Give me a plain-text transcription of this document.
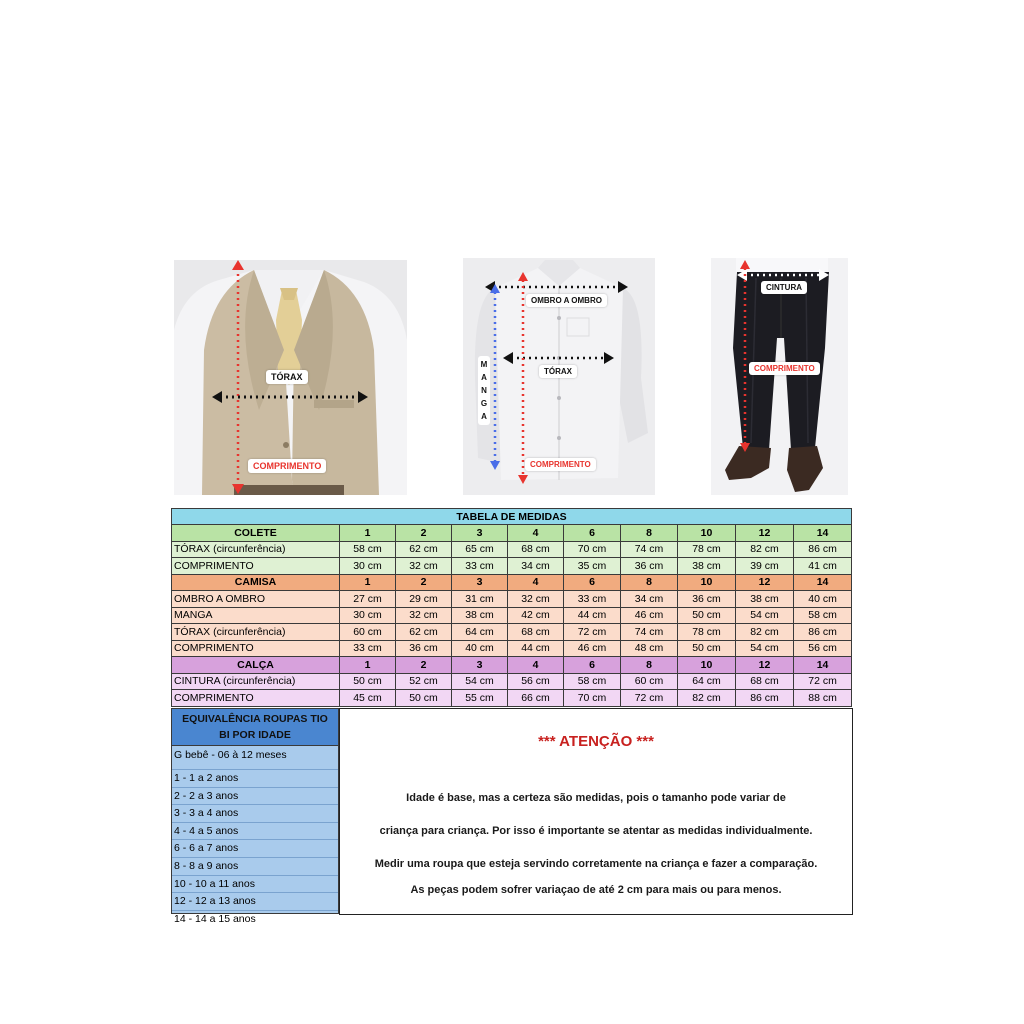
TÓRAX
COMPRIMENTO
OMBRO A OMBRO
TÓRAX
M
A
N
G
A
COMPRIMENTO
CINTURA
COMPRIMENTO
TABELA DE MEDIDAS									
COLETE	1	2	3	4	6	8	10	12	14
TÓRAX (circunferência)	58 cm	62 cm	65 cm	68 cm	70 cm	74 cm	78 cm	82 cm	86 cm
COMPRIMENTO	30 cm	32 cm	33 cm	34 cm	35 cm	36 cm	38 cm	39 cm	41 cm
CAMISA	1	2	3	4	6	8	10	12	14
OMBRO A OMBRO	27 cm	29 cm	31 cm	32 cm	33 cm	34 cm	36 cm	38 cm	40 cm
MANGA	30 cm	32 cm	38 cm	42 cm	44 cm	46 cm	50 cm	54 cm	58 cm
TÓRAX (circunferência)	60 cm	62 cm	64 cm	68 cm	72 cm	74 cm	78 cm	82 cm	86 cm
COMPRIMENTO	33 cm	36 cm	40 cm	44 cm	46 cm	48 cm	50 cm	54 cm	56 cm
CALÇA	1	2	3	4	6	8	10	12	14
CINTURA (circunferência)	50 cm	52 cm	54 cm	56 cm	58 cm	60 cm	64 cm	68 cm	72 cm
COMPRIMENTO	45 cm	50 cm	55 cm	66 cm	70 cm	72 cm	82 cm	86 cm	88 cm
EQUIVALÊNCIA ROUPAS TIO BI POR IDADE
G bebê - 06 à 12 meses
1 - 1 a 2 anos
2 - 2 a 3 anos
3 - 3 a 4 anos
4 - 4 a 5 anos
6 - 6 a 7 anos
8 - 8 a 9 anos
10 - 10 a 11 anos
12 - 12 a 13 anos
14 - 14 a 15 anos
*** ATENÇÃO ***

Idade é base, mas a certeza são medidas, pois o tamanho pode variar de

criança para criança. Por isso é importante se atentar as medidas individualmente.

Medir uma roupa que esteja servindo corretamente na criança e fazer a comparação.

As peças podem sofrer variaçao de até 2 cm para mais ou para menos.
